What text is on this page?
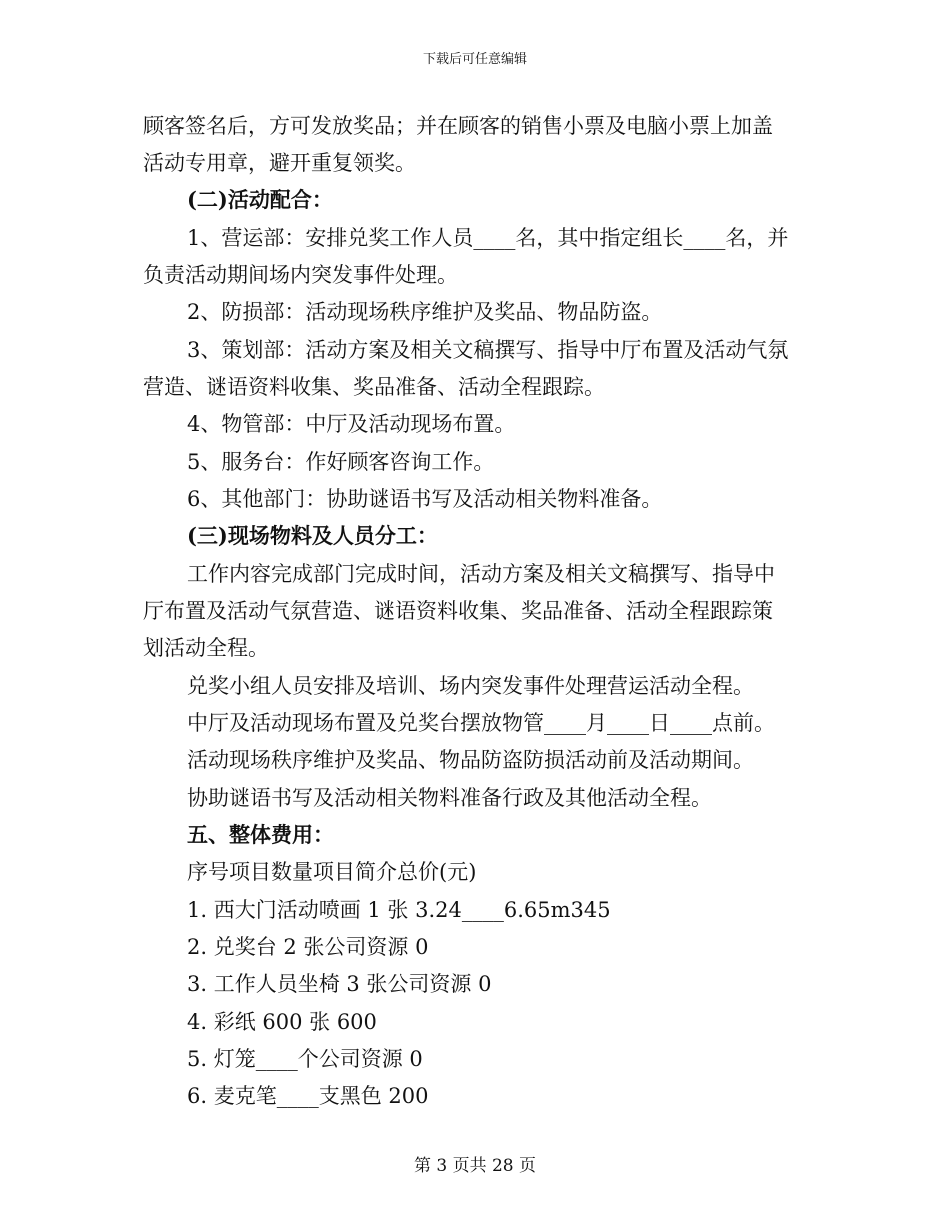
下载后可任意编辑
顾客签名后，方可发放奖品；并在顾客的销售小票及电脑小票上加盖
活动专用章，避开重复领奖。
(二)活动配合：
1、营运部：安排兑奖工作人员____名，其中指定组长____名，并
负责活动期间场内突发事件处理。
2、防损部：活动现场秩序维护及奖品、物品防盗。
3、策划部：活动方案及相关文稿撰写、指导中厅布置及活动气氛
营造、谜语资料收集、奖品准备、活动全程跟踪。
4、物管部：中厅及活动现场布置。
5、服务台：作好顾客咨询工作。
6、其他部门：协助谜语书写及活动相关物料准备。
(三)现场物料及人员分工：
工作内容完成部门完成时间，活动方案及相关文稿撰写、指导中
厅布置及活动气氛营造、谜语资料收集、奖品准备、活动全程跟踪策
划活动全程。
兑奖小组人员安排及培训、场内突发事件处理营运活动全程。
中厅及活动现场布置及兑奖台摆放物管____月____日____点前。
活动现场秩序维护及奖品、物品防盗防损活动前及活动期间。
协助谜语书写及活动相关物料准备行政及其他活动全程。
五、整体费用：
序号项目数量项目简介总价(元)
1. 西大门活动喷画 1 张 3.24____6.65m345
2. 兑奖台 2 张公司资源 0
3. 工作人员坐椅 3 张公司资源 0
4. 彩纸 600 张 600
5. 灯笼____个公司资源 0
6. 麦克笔____支黑色 200
第 3 页共 28 页
